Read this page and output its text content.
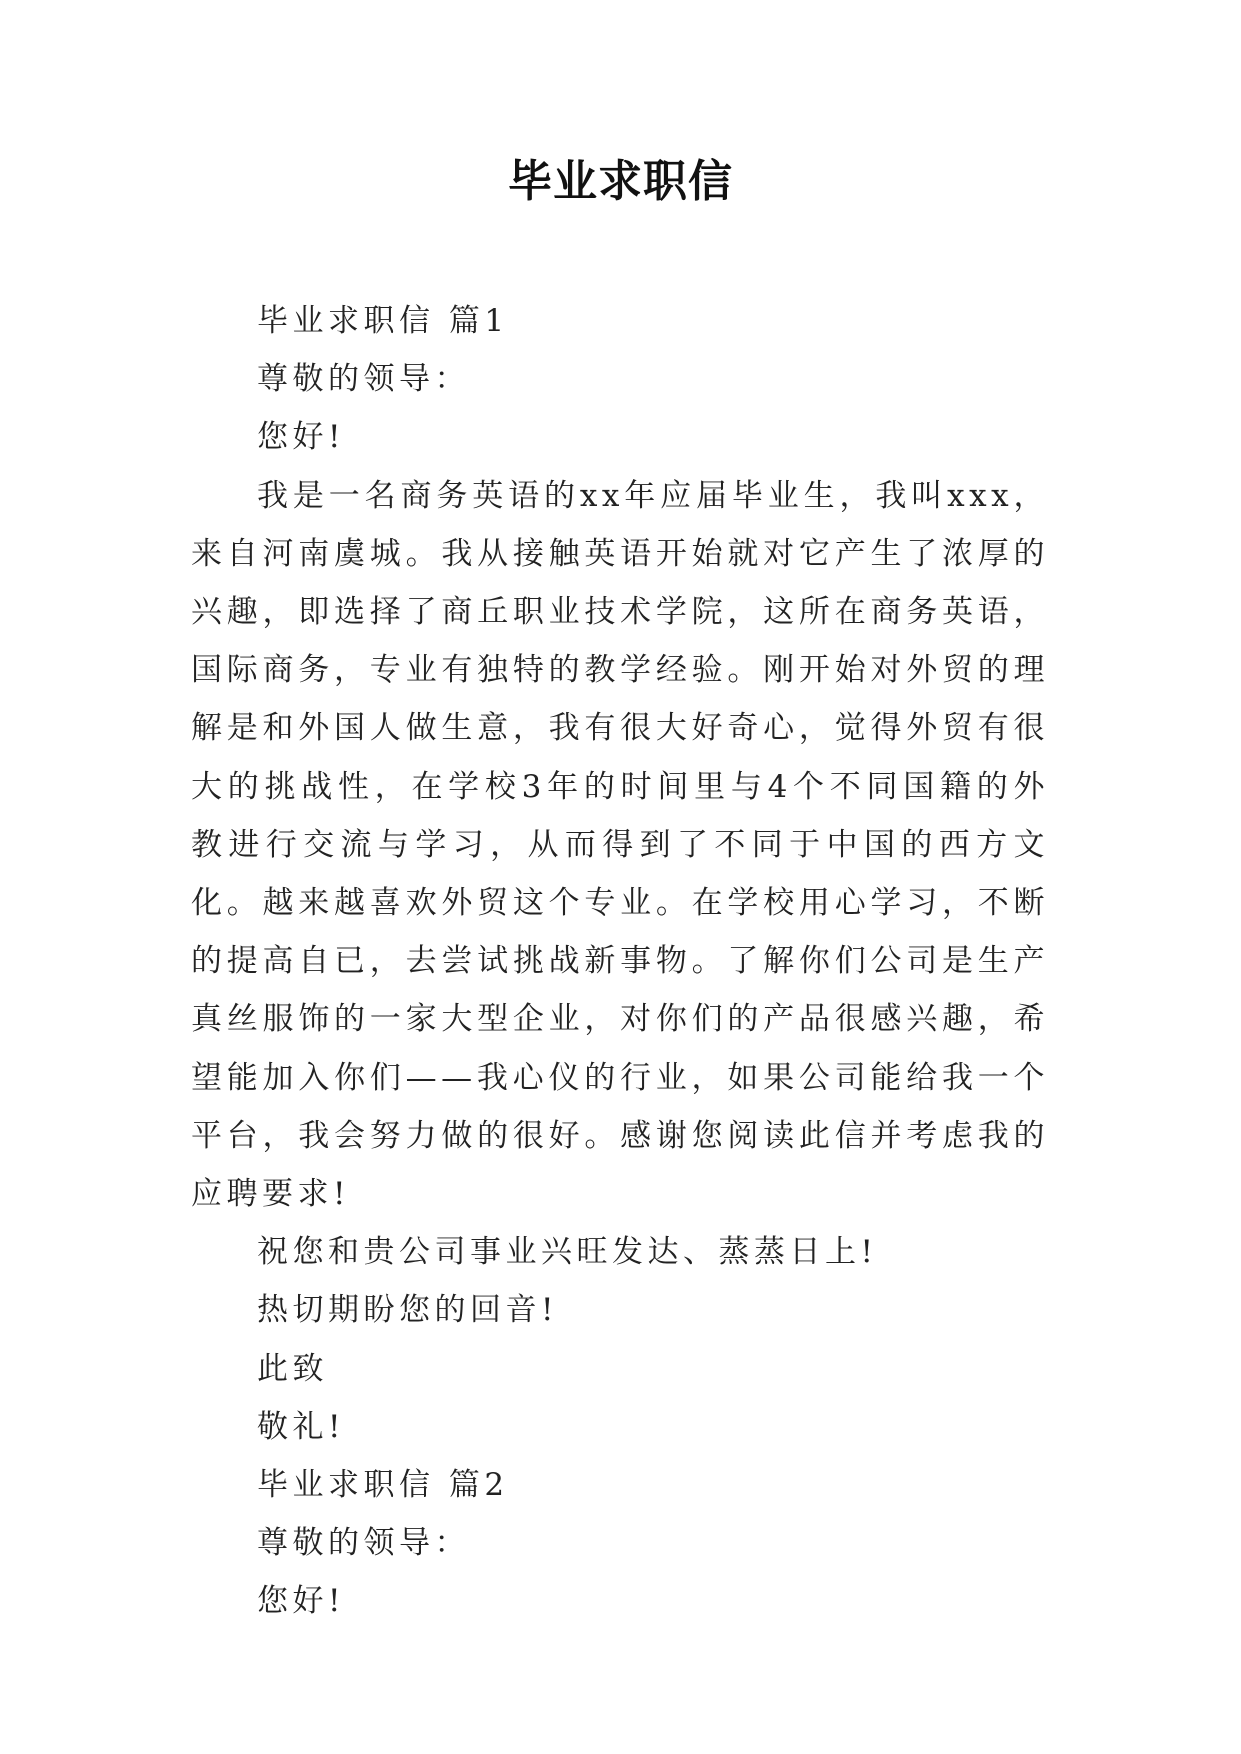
毕业求职信

毕业求职信 篇1

尊敬的领导：

您好!

我是一名商务英语的xx年应届毕业生，我叫xxx，来自河南虞城。我从接触英语开始就对它产生了浓厚的兴趣，即选择了商丘职业技术学院，这所在商务英语，国际商务，专业有独特的教学经验。刚开始对外贸的理解是和外国人做生意，我有很大好奇心，觉得外贸有很大的挑战性，在学校3年的时间里与4个不同国籍的外教进行交流与学习，从而得到了不同于中国的西方文化。越来越喜欢外贸这个专业。在学校用心学习，不断的提高自已，去尝试挑战新事物。了解你们公司是生产真丝服饰的一家大型企业，对你们的产品很感兴趣，希望能加入你们——我心仪的行业，如果公司能给我一个平台，我会努力做的很好。感谢您阅读此信并考虑我的应聘要求!

祝您和贵公司事业兴旺发达、蒸蒸日上!

热切期盼您的回音!

此致

敬礼!

毕业求职信 篇2

尊敬的领导：

您好!
